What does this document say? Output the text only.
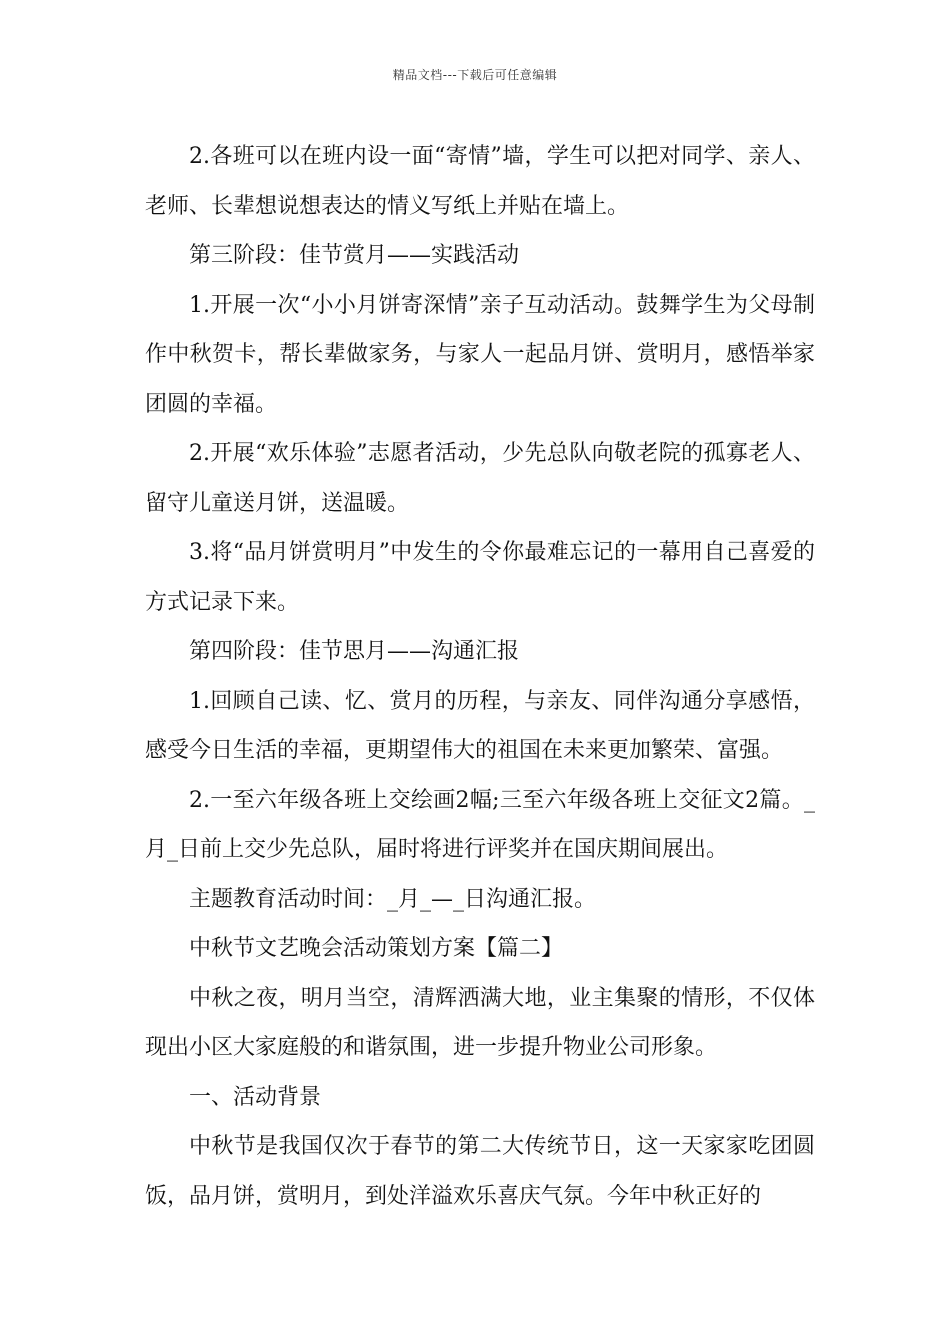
精品文档---下载后可任意编辑

2.各班可以在班内设一面“寄情”墙，学生可以把对同学、亲人、老师、长辈想说想表达的情义写纸上并贴在墙上。

第三阶段：佳节赏月——实践活动

1.开展一次“小小月饼寄深情”亲子互动活动。鼓舞学生为父母制作中秋贺卡，帮长辈做家务，与家人一起品月饼、赏明月，感悟举家团圆的幸福。

2.开展“欢乐体验”志愿者活动，少先总队向敬老院的孤寡老人、留守儿童送月饼，送温暖。

3.将“品月饼赏明月”中发生的令你最难忘记的一幕用自己喜爱的方式记录下来。

第四阶段：佳节思月——沟通汇报

1.回顾自己读、忆、赏月的历程，与亲友、同伴沟通分享感悟，感受今日生活的幸福，更期望伟大的祖国在未来更加繁荣、富强。

2.一至六年级各班上交绘画2幅;三至六年级各班上交征文2篇。_月_日前上交少先总队，届时将进行评奖并在国庆期间展出。

主题教育活动时间：_月_—_日沟通汇报。

中秋节文艺晚会活动策划方案【篇二】

中秋之夜，明月当空，清辉洒满大地，业主集聚的情形，不仅体现出小区大家庭般的和谐氛围，进一步提升物业公司形象。

一、活动背景

中秋节是我国仅次于春节的第二大传统节日，这一天家家吃团圆饭，品月饼，赏明月，到处洋溢欢乐喜庆气氛。今年中秋正好的
